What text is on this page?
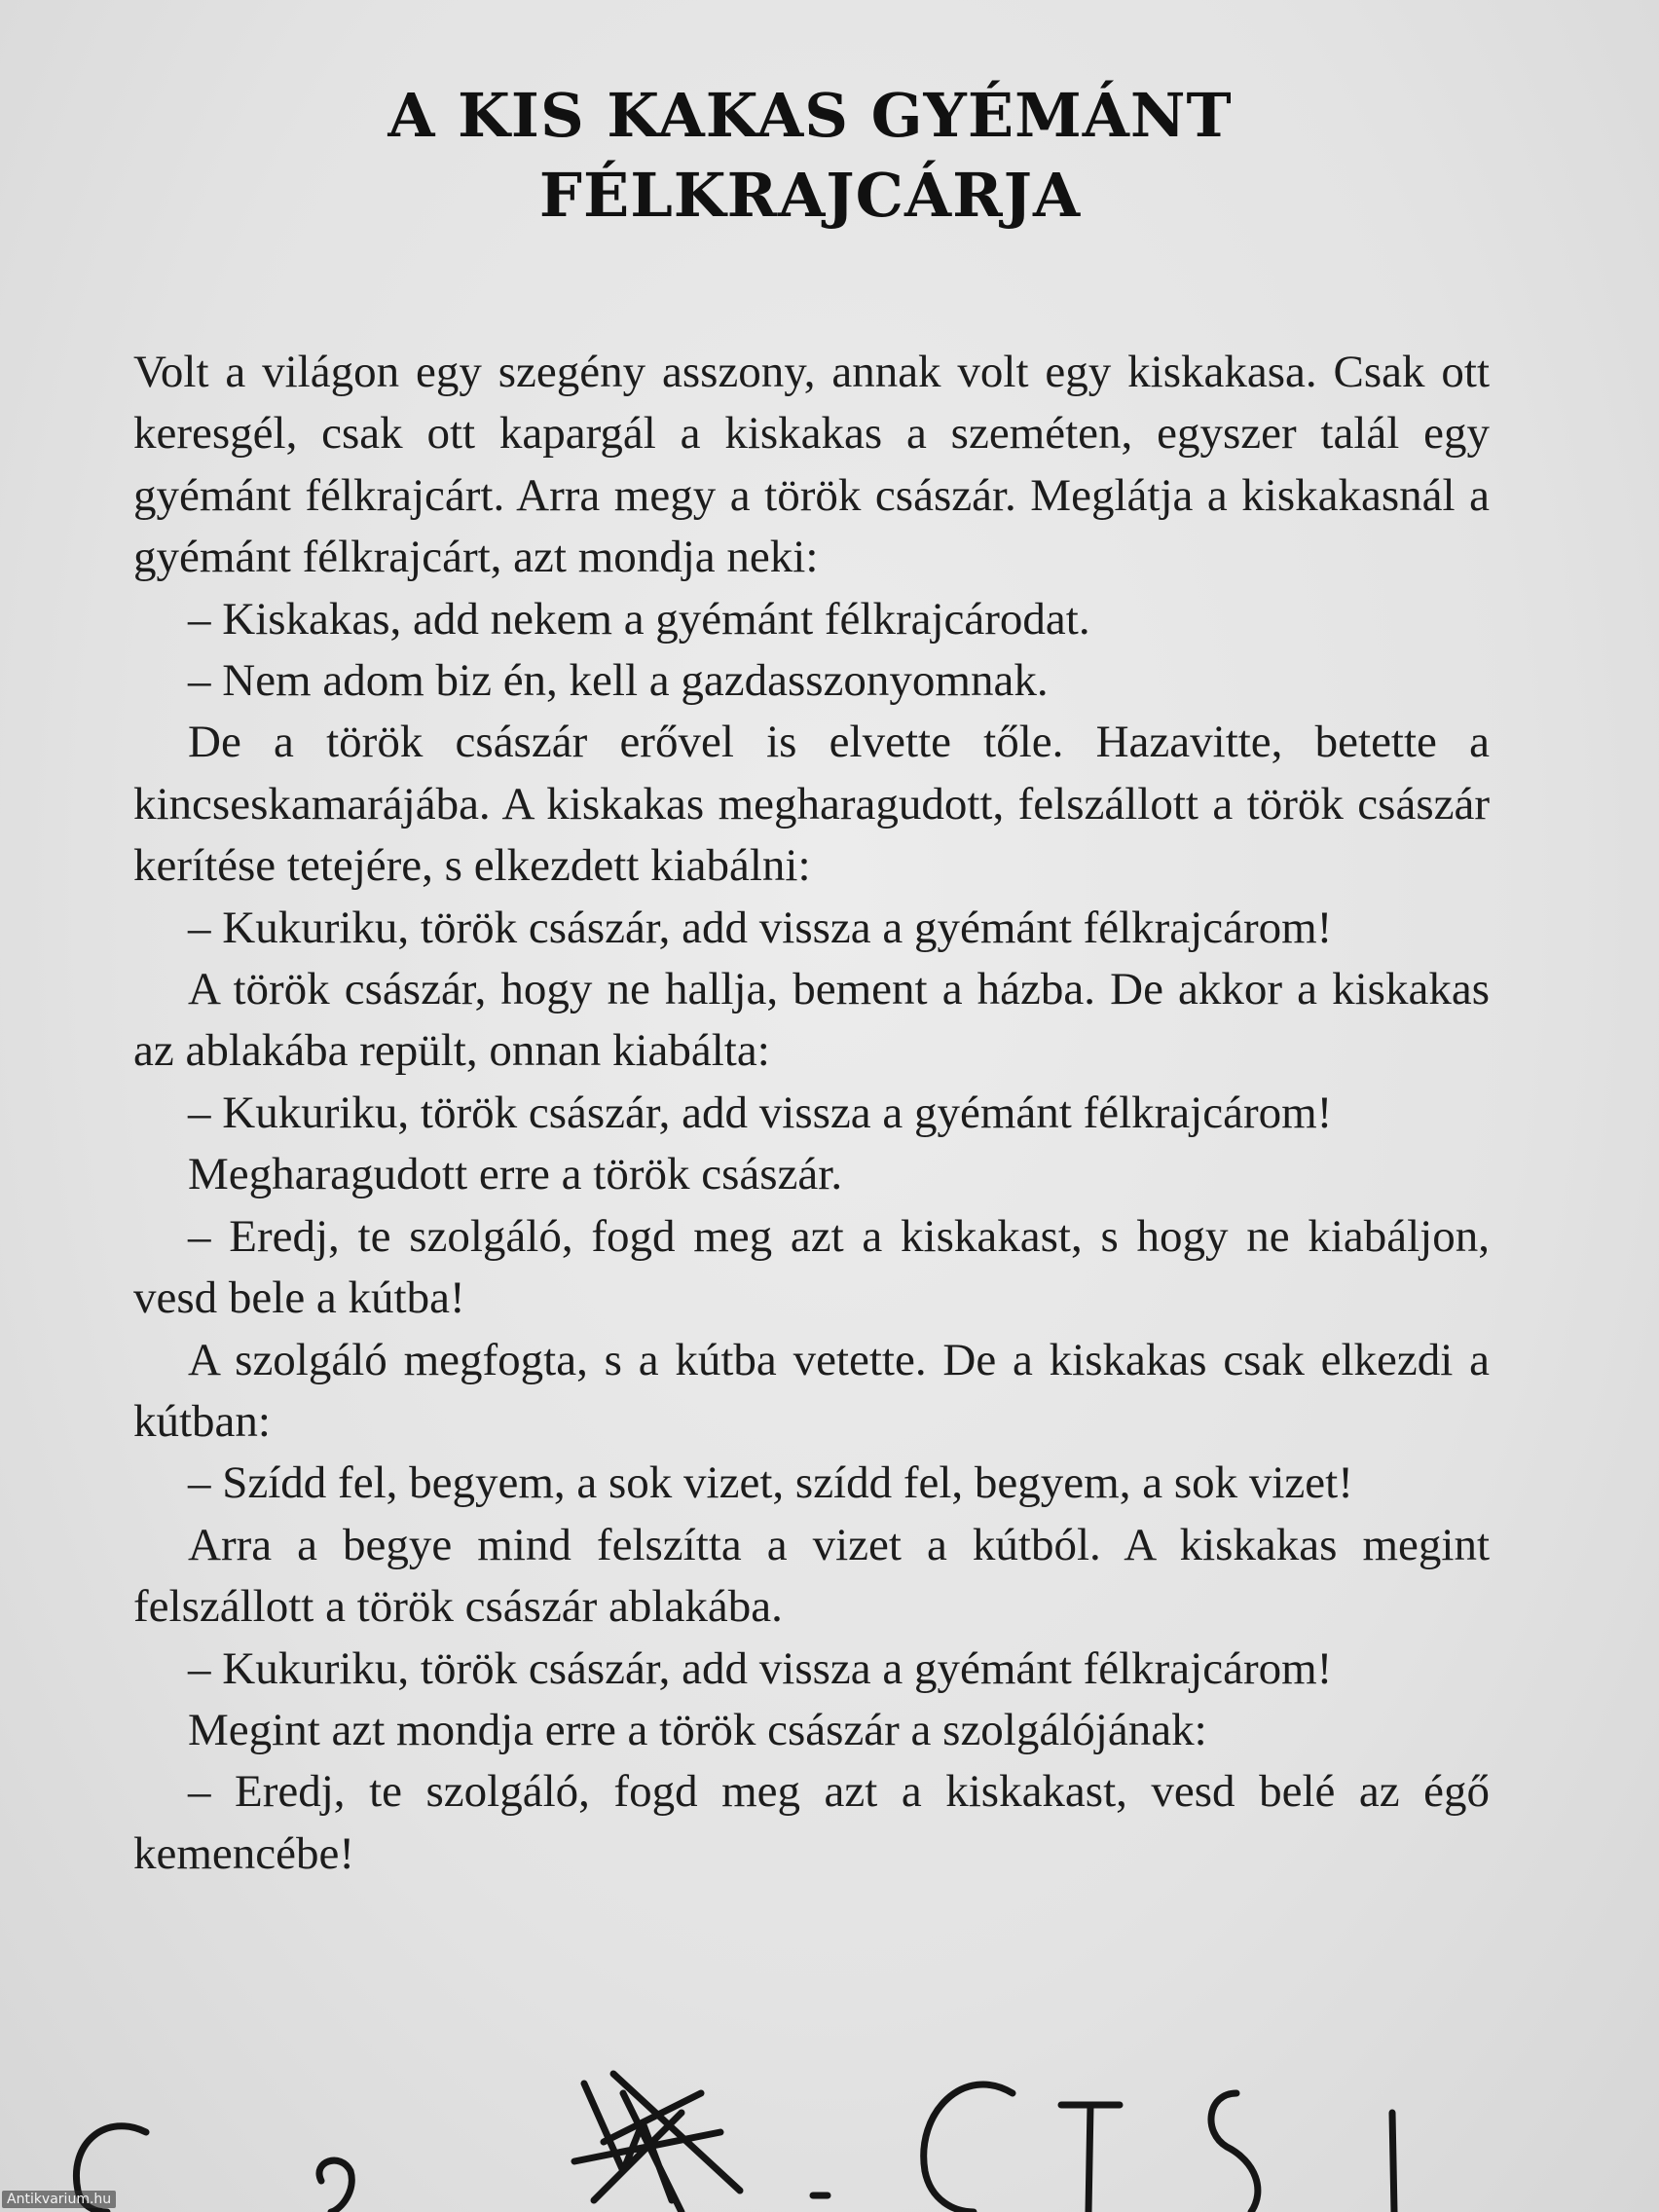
A KIS KAKAS GYÉMÁNT
FÉLKRAJCÁRJA

Volt a világon egy szegény asszony, annak volt egy kiskakasa. Csak ott keresgél, csak ott kapargál a kiskakas a szeméten, egyszer talál egy gyémánt félkrajcárt. Arra megy a török császár. Meglátja a kiskakasnál a gyémánt félkrajcárt, azt mondja neki:

– Kiskakas, add nekem a gyémánt félkrajcárodat.

– Nem adom biz én, kell a gazdasszonyomnak.

De a török császár erővel is elvette tőle. Hazavitte, betette a kincseskamarájába. A kiskakas megharagudott, felszállott a török császár kerítése tetejére, s elkezdett kiabálni:

– Kukuriku, török császár, add vissza a gyémánt félkrajcárom!

A török császár, hogy ne hallja, bement a házba. De akkor a kiskakas az ablakába repült, onnan kiabálta:

– Kukuriku, török császár, add vissza a gyémánt félkrajcárom!

Megharagudott erre a török császár.

– Eredj, te szolgáló, fogd meg azt a kiskakast, s hogy ne kiabáljon, vesd bele a kútba!

A szolgáló megfogta, s a kútba vetette. De a kiskakas csak elkezdi a kútban:

– Szídd fel, begyem, a sok vizet, szídd fel, begyem, a sok vizet!

Arra a begye mind felszítta a vizet a kútból. A kiskakas megint felszállott a török császár ablakába.

– Kukuriku, török császár, add vissza a gyémánt félkrajcárom!

Megint azt mondja erre a török császár a szolgálójának:

– Eredj, te szolgáló, fogd meg azt a kiskakast, vesd belé az égő kemencébe!

Antikvarium.hu
